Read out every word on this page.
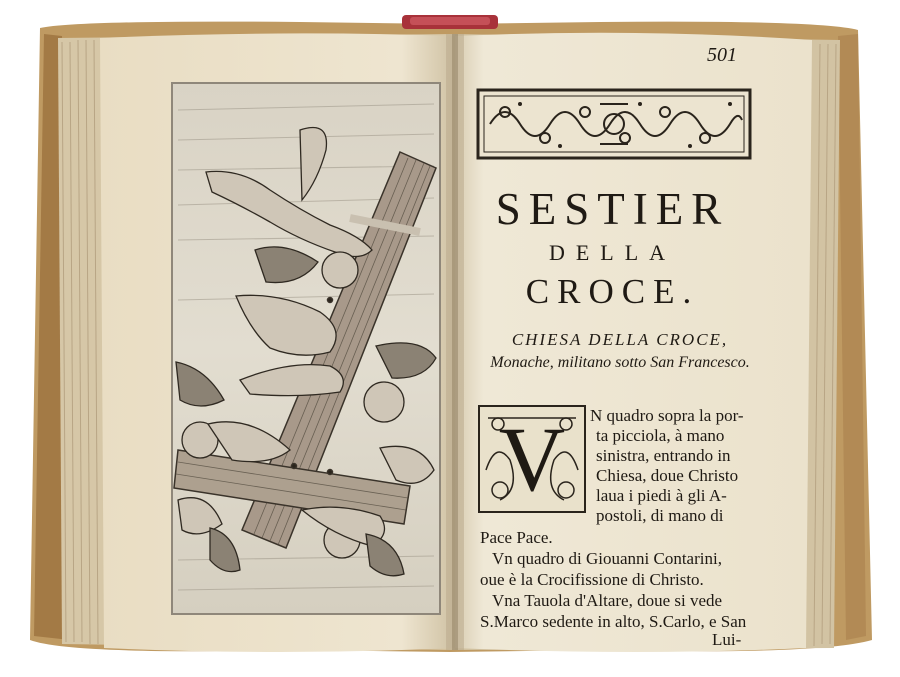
501
SESTIER
DELLA
CROCE.
CHIESA DELLA CROCE,
Monache, militano sotto San Francesco.
V	N quadro sopra la por-
ta picciola, à mano
sinistra, entrando in
Chiesa, doue Christo
laua i piedi à gli A-
postoli, di mano di
Pace Pace.
Vn quadro di Giouanni Contarini,
oue è la Crocifissione di Christo.
Vna Tauola d'Altare, doue si vede
S.Marco sedente in alto, S.Carlo, e San
Lui-
